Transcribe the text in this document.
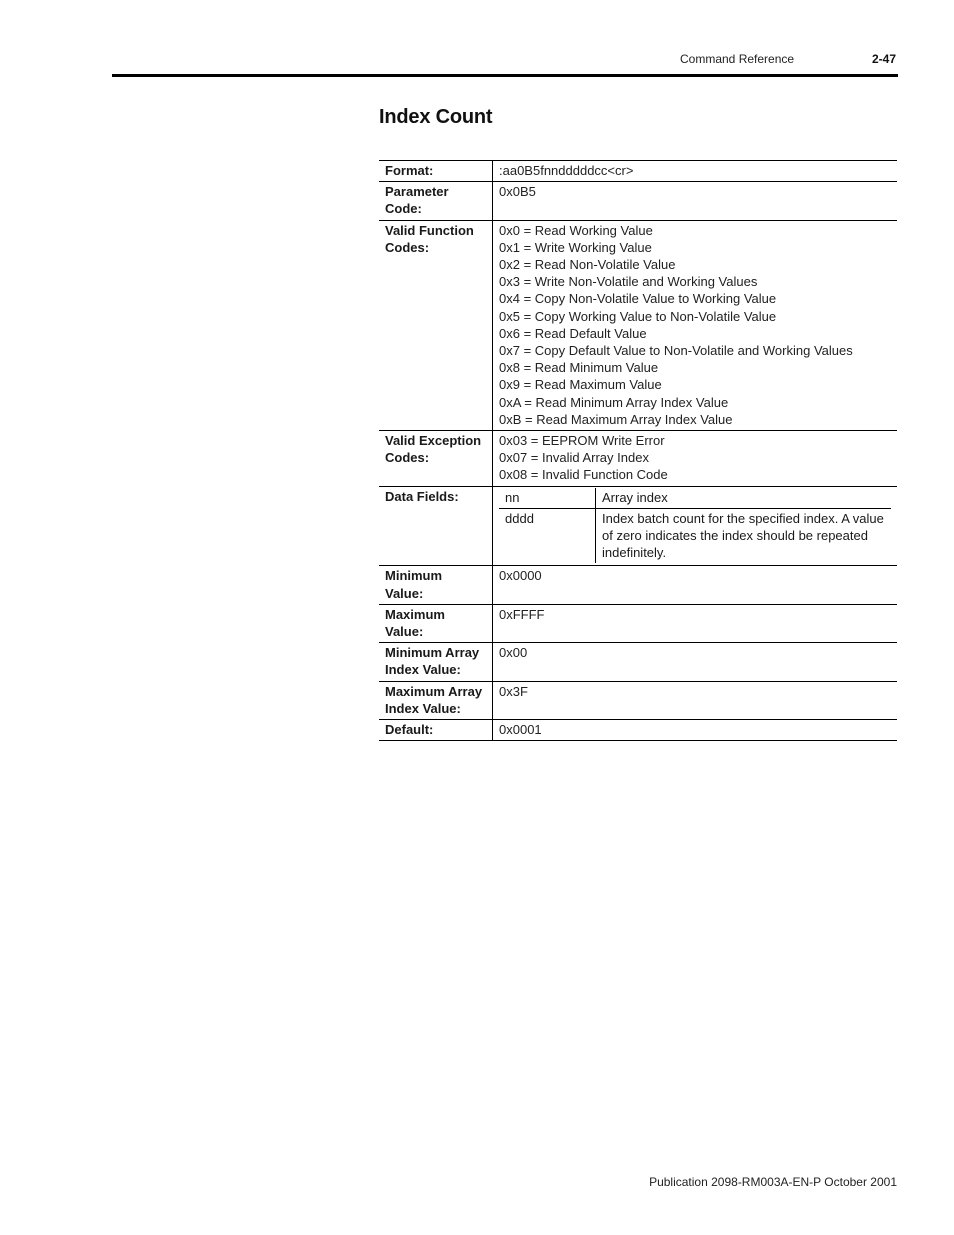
Command Reference	2-47
Index Count
Format:	:aa0B5fnndddddcc<cr>

Parameter
Code:
	0x0B5

Valid Function
Codes:

0x0 = Read Working Value
0x1 = Write Working Value
0x2 = Read Non-Volatile Value
0x3 = Write Non-Volatile and Working Values
0x4 = Copy Non-Volatile Value to Working Value
0x5 = Copy Working Value to Non-Volatile Value
0x6 = Read Default Value
0x7 = Copy Default Value to Non-Volatile and Working Values
0x8 = Read Minimum Value
0x9 = Read Maximum Value
0xA = Read Minimum Array Index Value
0xB = Read Maximum Array Index Value

Valid Exception
Codes:

0x03 = EEPROM Write Error
0x07 = Invalid Array Index
0x08 = Invalid Function Code

Data Fields:		nn	Array index
dddd	Index batch count for the specified index. A value of zero indicates the index should be repeated indefinitely.

Minimum
Value:
	0x0000

Maximum
Value:
	0xFFFF

Minimum Array
Index Value:
	0x00

Maximum Array
Index Value:
	0x3F
Default:	0x0001
Publication 2098-RM003A-EN-P October 2001
